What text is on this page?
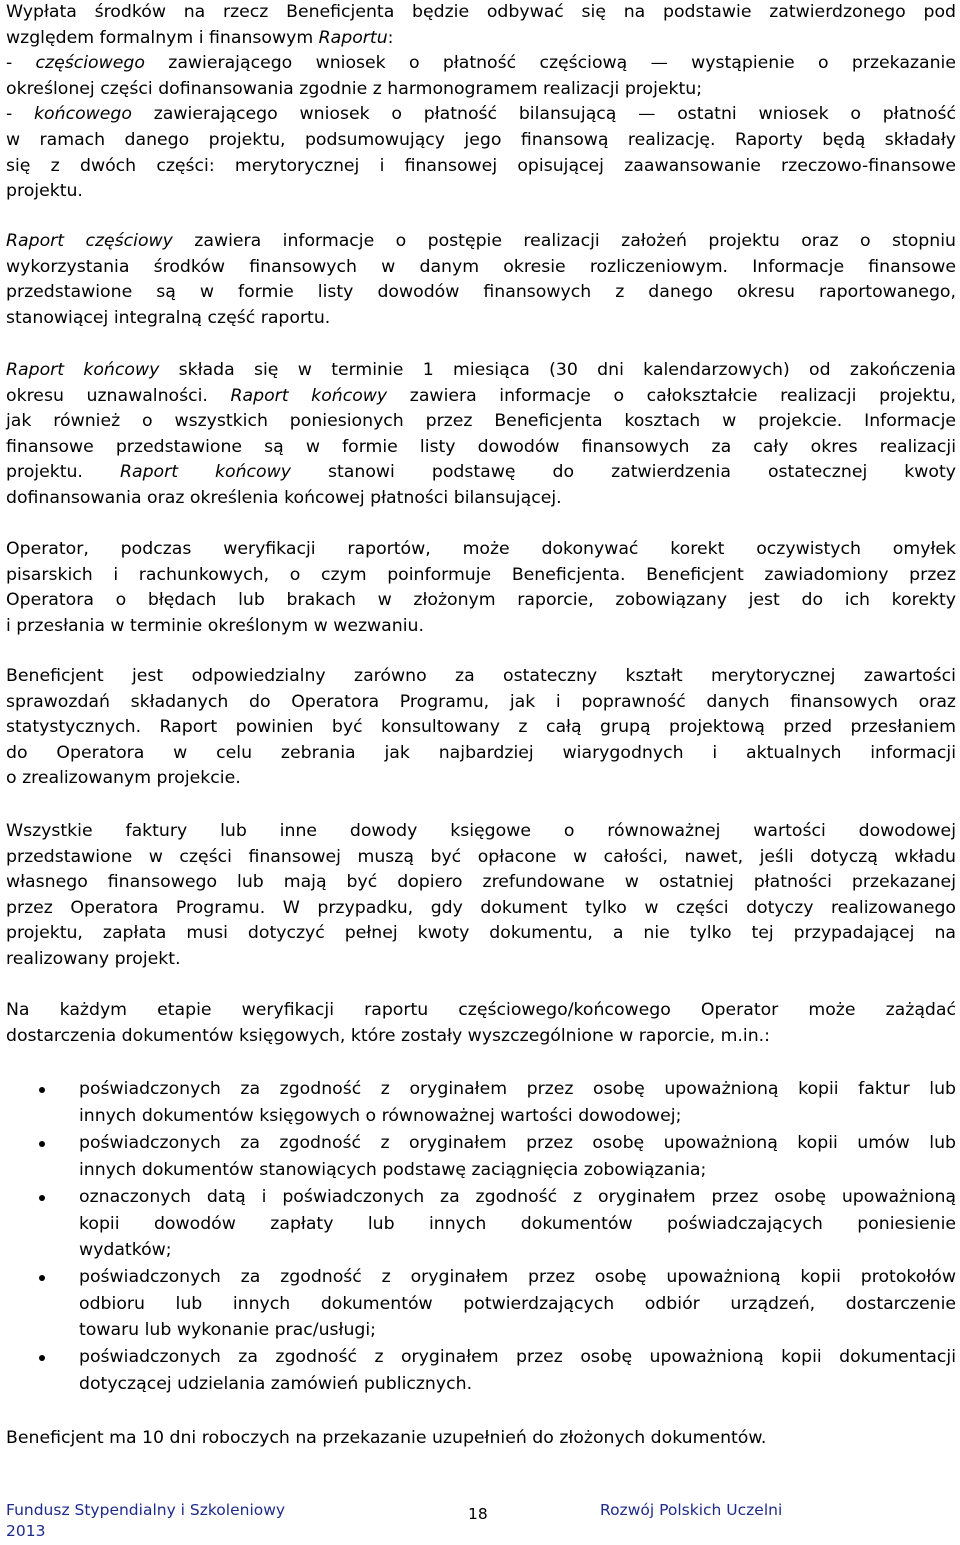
Wypłata środków na rzecz Beneficjenta będzie odbywać się na podstawie zatwierdzonego pod
względem formalnym i finansowym Raportu:
- częściowego zawierającego wniosek o płatność częściową — wystąpienie o przekazanie
określonej części dofinansowania zgodnie z harmonogramem realizacji projektu;
- końcowego zawierającego wniosek o płatność bilansującą — ostatni wniosek o płatność
w ramach danego projektu, podsumowujący jego finansową realizację. Raporty będą składały
się z dwóch części: merytorycznej i finansowej opisującej zaawansowanie rzeczowo-finansowe
projektu.
Raport częściowy zawiera informacje o postępie realizacji założeń projektu oraz o stopniu
wykorzystania środków finansowych w danym okresie rozliczeniowym. Informacje finansowe
przedstawione są w formie listy dowodów finansowych z danego okresu raportowanego,
stanowiącej integralną część raportu.
Raport końcowy składa się w terminie 1 miesiąca (30 dni kalendarzowych) od zakończenia
okresu uznawalności. Raport końcowy zawiera informacje o całokształcie realizacji projektu,
jak również o wszystkich poniesionych przez Beneficjenta kosztach w projekcie. Informacje
finansowe przedstawione są w formie listy dowodów finansowych za cały okres realizacji
projektu. Raport końcowy stanowi podstawę do zatwierdzenia ostatecznej kwoty
dofinansowania oraz określenia końcowej płatności bilansującej.
Operator, podczas weryfikacji raportów, może dokonywać korekt oczywistych omyłek
pisarskich i rachunkowych, o czym poinformuje Beneficjenta. Beneficjent zawiadomiony przez
Operatora o błędach lub brakach w złożonym raporcie, zobowiązany jest do ich korekty
i przesłania w terminie określonym w wezwaniu.
Beneficjent jest odpowiedzialny zarówno za ostateczny kształt merytorycznej zawartości
sprawozdań składanych do Operatora Programu, jak i poprawność danych finansowych oraz
statystycznych. Raport powinien być konsultowany z całą grupą projektową przed przesłaniem
do Operatora w celu zebrania jak najbardziej wiarygodnych i aktualnych informacji
o zrealizowanym projekcie.
Wszystkie faktury lub inne dowody księgowe o równoważnej wartości dowodowej
przedstawione w części finansowej muszą być opłacone w całości, nawet, jeśli dotyczą wkładu
własnego finansowego lub mają być dopiero zrefundowane w ostatniej płatności przekazanej
przez Operatora Programu. W przypadku, gdy dokument tylko w części dotyczy realizowanego
projektu, zapłata musi dotyczyć pełnej kwoty dokumentu, a nie tylko tej przypadającej na
realizowany projekt.
Na każdym etapie weryfikacji raportu częściowego/końcowego Operator może zażądać
dostarczenia dokumentów księgowych, które zostały wyszczególnione w raporcie, m.in.:
poświadczonych za zgodność z oryginałem przez osobę upoważnioną kopii faktur lub
innych dokumentów księgowych o równoważnej wartości dowodowej;
poświadczonych za zgodność z oryginałem przez osobę upoważnioną kopii umów lub
innych dokumentów stanowiących podstawę zaciągnięcia zobowiązania;
oznaczonych datą i poświadczonych za zgodność z oryginałem przez osobę upoważnioną
kopii dowodów zapłaty lub innych dokumentów poświadczających poniesienie
wydatków;
poświadczonych za zgodność z oryginałem przez osobę upoważnioną kopii protokołów
odbioru lub innych dokumentów potwierdzających odbiór urządzeń, dostarczenie
towaru lub wykonanie prac/usługi;
poświadczonych za zgodność z oryginałem przez osobę upoważnioną kopii dokumentacji
dotyczącej udzielania zamówień publicznych.
Beneficjent ma 10 dni roboczych na przekazanie uzupełnień do złożonych dokumentów.
Fundusz Stypendialny i Szkoleniowy
2013
18	Rozwój Polskich Uczelni
